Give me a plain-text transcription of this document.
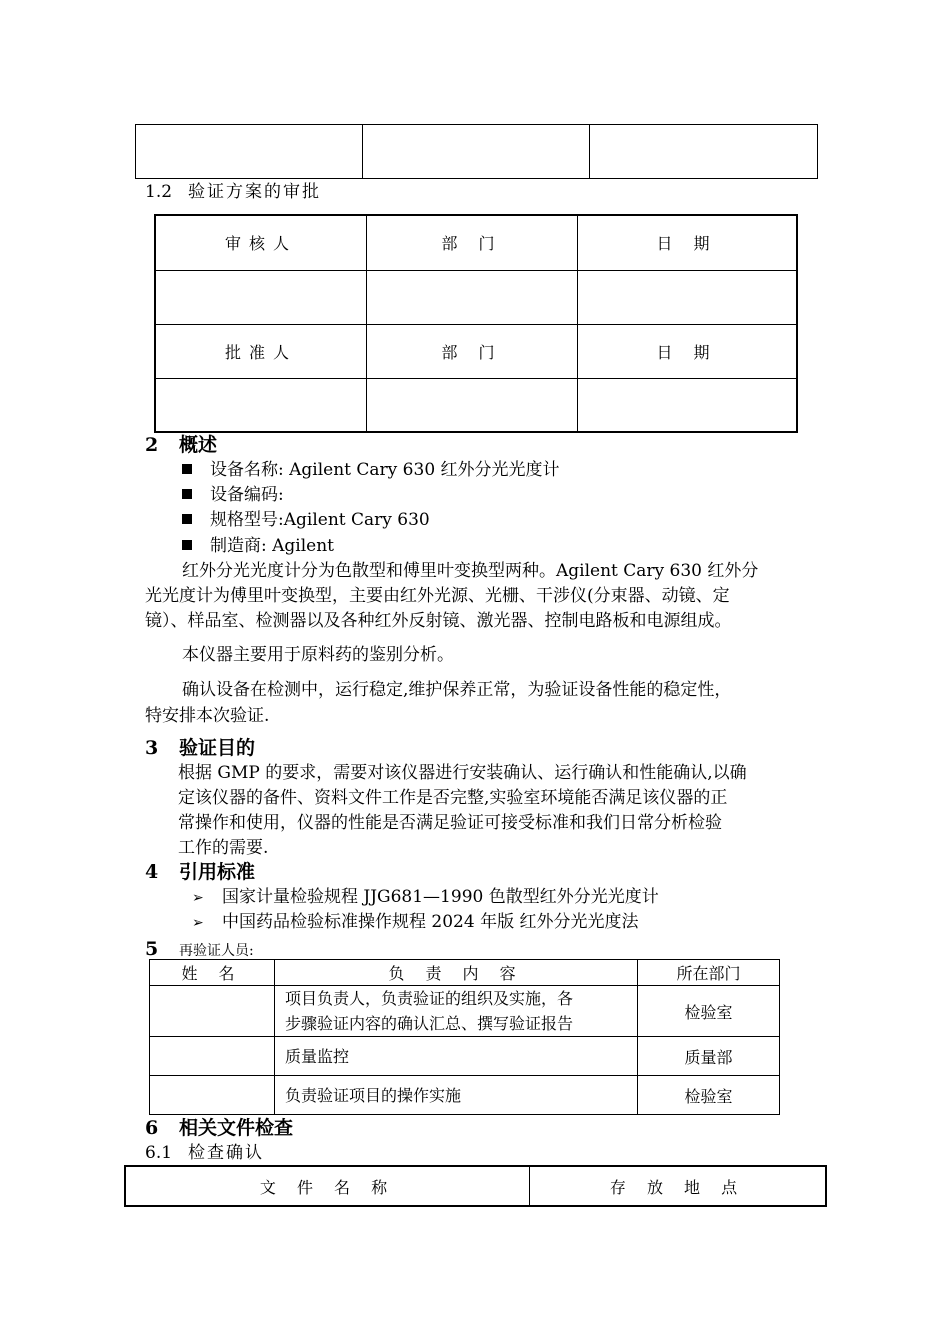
1.2 验证方案的审批
审核人	部 门	日 期

批准人	部 门	日 期

2 概述
设备名称: Agilent Cary 630 红外分光光度计
设备编码:
规格型号:Agilent Cary 630
制造商: Agilent
红外分光光度计分为色散型和傅里叶变换型两种。Agilent Cary 630 红外分
光光度计为傅里叶变换型，主要由红外光源、光栅、干涉仪(分束器、动镜、定
镜）、样品室、检测器以及各种红外反射镜、激光器、控制电路板和电源组成。
本仪器主要用于原料药的鉴别分析。
确认设备在检测中，运行稳定,维护保养正常，为验证设备性能的稳定性，
特安排本次验证.
3 验证目的
根据 GMP 的要求，需要对该仪器进行安装确认、运行确认和性能确认,以确
定该仪器的备件、资料文件工作是否完整,实验室环境能否满足该仪器的正
常操作和使用，仪器的性能是否满足验证可接受标准和我们日常分析检验
工作的需要.
4 引用标准
➢ 国家计量检验规程 JJG681—1990 色散型红外分光光度计
➢ 中国药品检验标准操作规程 2024 年版 红外分光光度法
5 再验证人员:
姓 名	负 责 内 容	所在部门

	项目负责人，负责验证的组织及实施，各
步骤验证内容的确认汇总、撰写验证报告	检验室
	质量监控	质量部
	负责验证项目的操作实施	检验室
6 相关文件检查
6.1 检查确认
文 件 名 称	存 放 地 点
